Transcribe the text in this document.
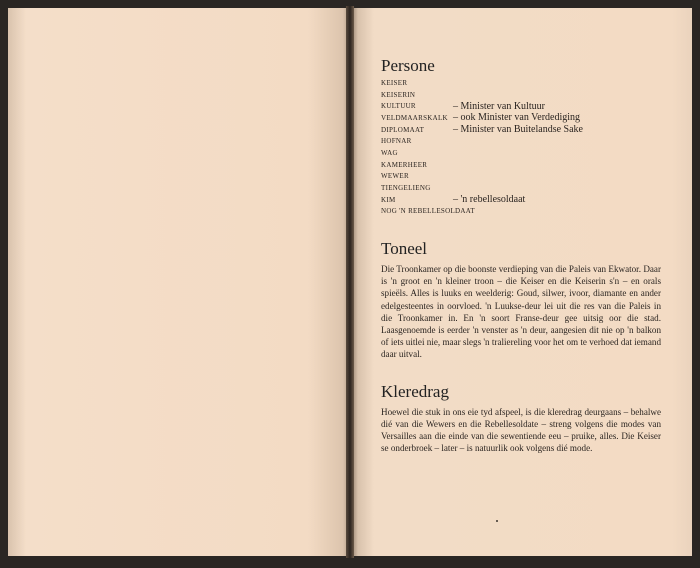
Persone
KEISER
KEISERIN
KULTUUR	– Minister van Kultuur
VELDMAARSKALK – ook Minister van Verdediging
DIPLOMAAT	– Minister van Buitelandse Sake
HOFNAR
WAG
KAMERHEER
WEWER
TIENGELIENG
KIM	– 'n rebellesoldaat
NOG 'N REBELLESOLDAAT
Toneel

Die Troonkamer op die boonste verdieping van die Paleis van Ekwator. Daar is 'n groot en 'n kleiner troon – die Keiser en die Keiserin s'n – en orals spieëls. Alles is luuks en weelderig: Goud, silwer, ivoor, diamante en ander edelgesteentes in oorvloed. 'n Luukse-deur lei uit die res van die Paleis in die Troonkamer in. En 'n soort Franse-deur gee uitsig oor die stad. Laasgenoemde is eerder 'n venster as 'n deur, aangesien dit nie op 'n balkon of iets uitlei nie, maar slegs 'n traliereling voor het om te verhoed dat iemand daar uitval.

Kleredrag

Hoewel die stuk in ons eie tyd afspeel, is die kleredrag deurgaans – behalwe dié van die Wewers en die Rebellesoldate – streng volgens die modes van Versailles aan die einde van die sewentiende eeu – pruike, alles. Die Keiser se onderbroek – later – is natuurlik ook volgens dié mode.
